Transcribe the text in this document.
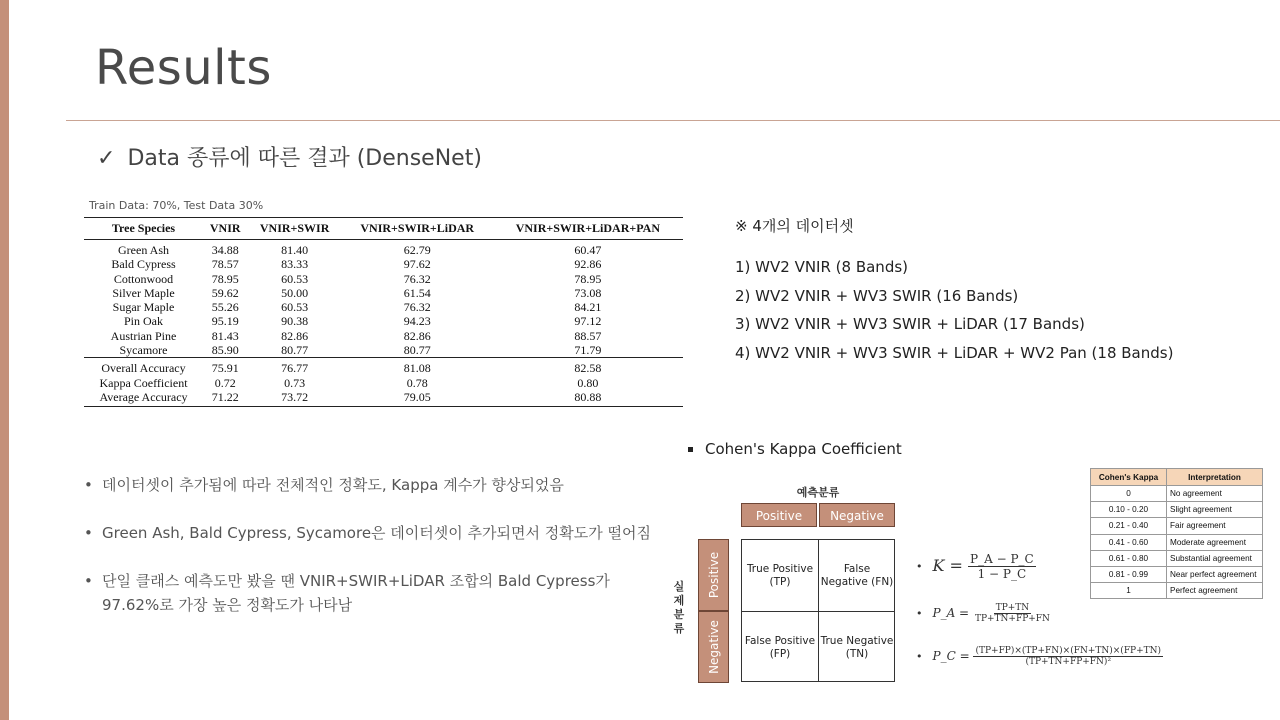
Results
✓ Data 종류에 따른 결과 (DenseNet)
Train Data: 70%, Test Data 30%
Tree Species	VNIR	VNIR+SWIR	VNIR+SWIR+LiDAR	VNIR+SWIR+LiDAR+PAN
Green Ash	34.88	81.40	62.79	60.47
Bald Cypress	78.57	83.33	97.62	92.86
Cottonwood	78.95	60.53	76.32	78.95
Silver Maple	59.62	50.00	61.54	73.08
Sugar Maple	55.26	60.53	76.32	84.21
Pin Oak	95.19	90.38	94.23	97.12
Austrian Pine	81.43	82.86	82.86	88.57
Sycamore	85.90	80.77	80.77	71.79
Overall Accuracy	75.91	76.77	81.08	82.58
Kappa Coefficient	0.72	0.73	0.78	0.80
Average Accuracy	71.22	73.72	79.05	80.88
※ 4개의 데이터셋
1) WV2 VNIR (8 Bands)
2) WV2 VNIR + WV3 SWIR (16 Bands)
3) WV2 VNIR + WV3 SWIR + LiDAR (17 Bands)
4) WV2 VNIR + WV3 SWIR + LiDAR + WV2 Pan (18 Bands)
• 데이터셋이 추가됨에 따라 전체적인 정확도, Kappa 계수가 향상되었음
• Green Ash, Bald Cypress, Sycamore은 데이터셋이 추가되면서 정확도가 떨어짐
• 단일 클래스 예측도만 봤을 땐 VNIR+SWIR+LiDAR 조합의 Bald Cypress가 97.62%로 가장 높은 정확도가 나타남
Cohen's Kappa Coefficient
예측분류
Positive	Negative
Positive
Negative
실
제
분
류
True Positive (TP)
False Negative (FN)
False Positive (FP)
True Negative (TN)
• $K = \frac{P\_A - P\_C}{1 - P\_C}$
• P_A = $\frac{TP+TN}{TP+TN+FP+FN}$
• P_C = $\frac{(TP+FP)\times(TP+FN)\times(FN+TN)\times(FP+TN)}{\text{(TP+TN+FP+FN)²}}$
Cohen's Kappa	Interpretation
0	No agreement
0.10 - 0.20	Slight agreement
0.21 - 0.40	Fair agreement
0.41 - 0.60	Moderate agreement
0.61 - 0.80	Substantial agreement
0.81 - 0.99	Near perfect agreement
1	Perfect agreement
